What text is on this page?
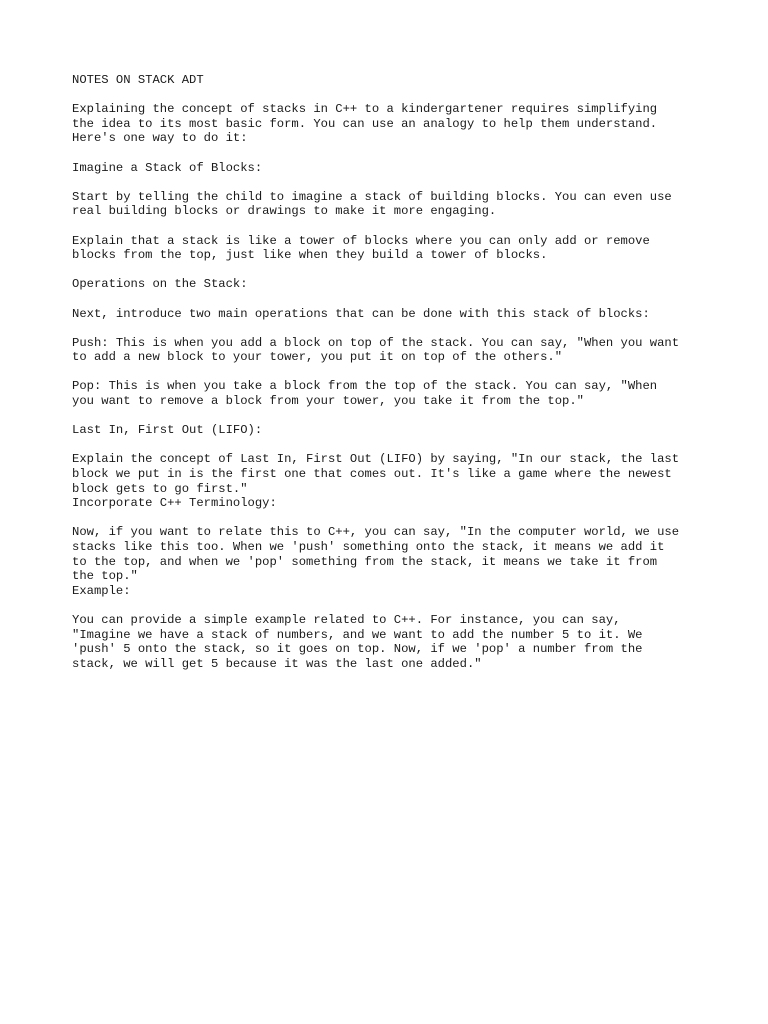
NOTES ON STACK ADT

Explaining the concept of stacks in C++ to a kindergartener requires simplifying
the idea to its most basic form. You can use an analogy to help them understand.
Here's one way to do it:

Imagine a Stack of Blocks:

Start by telling the child to imagine a stack of building blocks. You can even use
real building blocks or drawings to make it more engaging.

Explain that a stack is like a tower of blocks where you can only add or remove
blocks from the top, just like when they build a tower of blocks.

Operations on the Stack:

Next, introduce two main operations that can be done with this stack of blocks:

Push: This is when you add a block on top of the stack. You can say, "When you want
to add a new block to your tower, you put it on top of the others."

Pop: This is when you take a block from the top of the stack. You can say, "When
you want to remove a block from your tower, you take it from the top."

Last In, First Out (LIFO):

Explain the concept of Last In, First Out (LIFO) by saying, "In our stack, the last
block we put in is the first one that comes out. It's like a game where the newest
block gets to go first."
Incorporate C++ Terminology:

Now, if you want to relate this to C++, you can say, "In the computer world, we use
stacks like this too. When we 'push' something onto the stack, it means we add it
to the top, and when we 'pop' something from the stack, it means we take it from
the top."
Example:

You can provide a simple example related to C++. For instance, you can say,
"Imagine we have a stack of numbers, and we want to add the number 5 to it. We
'push' 5 onto the stack, so it goes on top. Now, if we 'pop' a number from the
stack, we will get 5 because it was the last one added."
